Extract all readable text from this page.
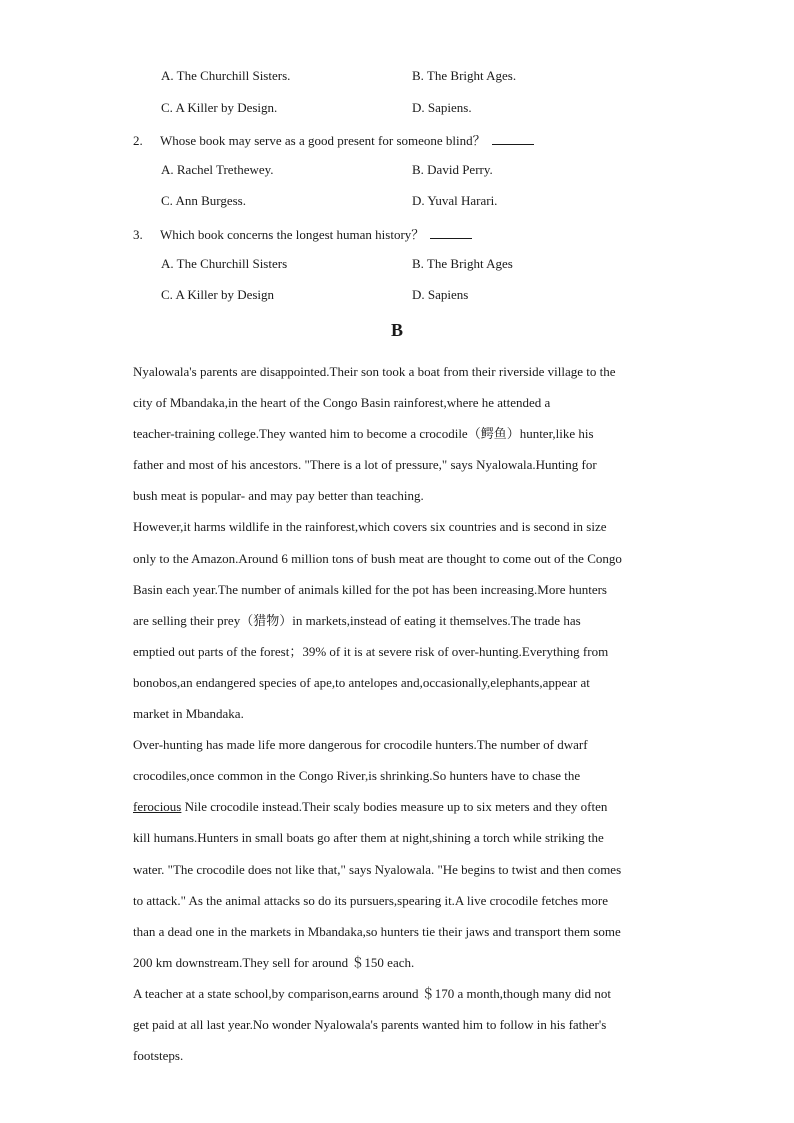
A. The Churchill Sisters.	B. The Bright Ages.
C. A Killer by Design.	D. Sapiens.
2. Whose book may serve as a good present for someone blind？
A. Rachel Trethewey.	B. David Perry.
C. Ann Burgess.	D. Yuval Harari.
3. Which book concerns the longest human history？
A. The Churchill Sisters	B. The Bright Ages
C. A Killer by Design	D. Sapiens
B
Nyalowala's parents are disappointed.Their son took a boat from their riverside village to the
city of Mbandaka,in the heart of the Congo Basin rainforest,where he attended a
teacher-training college.They wanted him to become a crocodile（鳄鱼）hunter,like his
father and most of his ancestors. "There is a lot of pressure," says Nyalowala.Hunting for
bush meat is popular- and may pay better than teaching.
However,it harms wildlife in the rainforest,which covers six countries and is second in size
only to the Amazon.Around 6 million tons of bush meat are thought to come out of the Congo
Basin each year.The number of animals killed for the pot has been increasing.More hunters
are selling their prey（猎物）in markets,instead of eating it themselves.The trade has
emptied out parts of the forest；39% of it is at severe risk of over-hunting.Everything from
bonobos,an endangered species of ape,to antelopes and,occasionally,elephants,appear at
market in Mbandaka.
Over-hunting has made life more dangerous for crocodile hunters.The number of dwarf
crocodiles,once common in the Congo River,is shrinking.So hunters have to chase the
ferocious Nile crocodile instead.Their scaly bodies measure up to six meters and they often
kill humans.Hunters in small boats go after them at night,shining a torch while striking the
water. "The crocodile does not like that," says Nyalowala. "He begins to twist and then comes
to attack." As the animal attacks so do its pursuers,spearing it.A live crocodile fetches more
than a dead one in the markets in Mbandaka,so hunters tie their jaws and transport them some
200 km downstream.They sell for around ＄150 each.
A teacher at a state school,by comparison,earns around ＄170 a month,though many did not
get paid at all last year.No wonder Nyalowala's parents wanted him to follow in his father's
footsteps.
